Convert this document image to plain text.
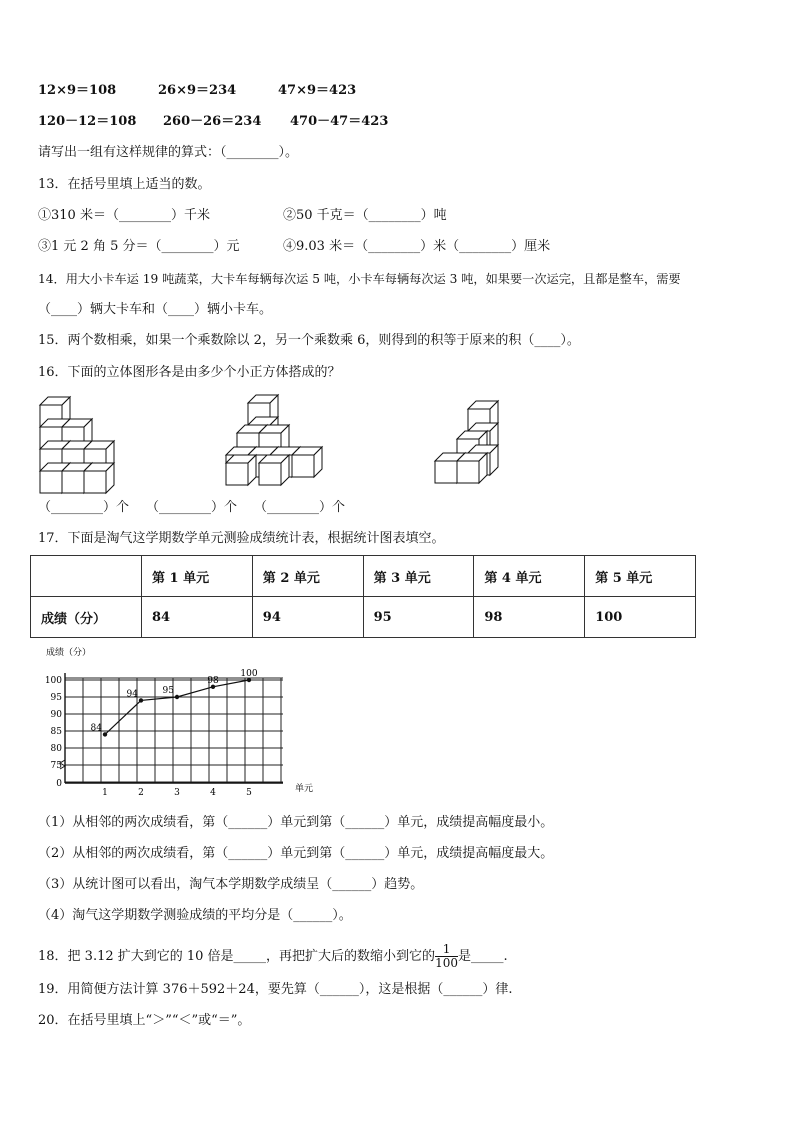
12×9＝108	26×9＝234	47×9＝423
120－12＝108 260－26＝234 470－47＝423
请写出一组有这样规律的算式：（________）。
13．在括号里填上适当的数。
①310 米＝（________）千米	②50 千克＝（________）吨
③1 元 2 角 5 分＝（________）元	④9.03 米＝（________）米（________）厘米
14．用大小卡车运 19 吨蔬菜，大卡车每辆每次运 5 吨，小卡车每辆每次运 3 吨，如果要一次运完，且都是整车，需要
（____）辆大卡车和（____）辆小卡车。
15．两个数相乘，如果一个乘数除以 2，另一个乘数乘 6，则得到的积等于原来的积（____）。
16．下面的立体图形各是由多少个小正方体搭成的？
（________）个 （________）个 （________）个
17．下面是淘气这学期数学单元测验成绩统计表，根据统计图表填空。
	第 1 单元	第 2 单元	第 3 单元	第 4 单元	第 5 单元
成绩（分）	84	94	95	98	100
成绩（分）
单元
0
75
80
85
90
95
100
1	2	3	4	5
84
94	95
98
100
（1）从相邻的两次成绩看，第（______）单元到第（______）单元，成绩提高幅度最小。
（2）从相邻的两次成绩看，第（______）单元到第（______）单元，成绩提高幅度最大。
（3）从统计图可以看出，淘气本学期数学成绩呈（______）趋势。
（4）淘气这学期数学测验成绩的平均分是（______）。
18．把 3.12 扩大到它的 10 倍是_____，再把扩大后的数缩小到它的 $\frac{1}{100}$ 是_____.
19．用简便方法计算 376＋592＋24，要先算（______），这是根据（______）律.
20．在括号里填上“＞”“＜”或“＝”。
